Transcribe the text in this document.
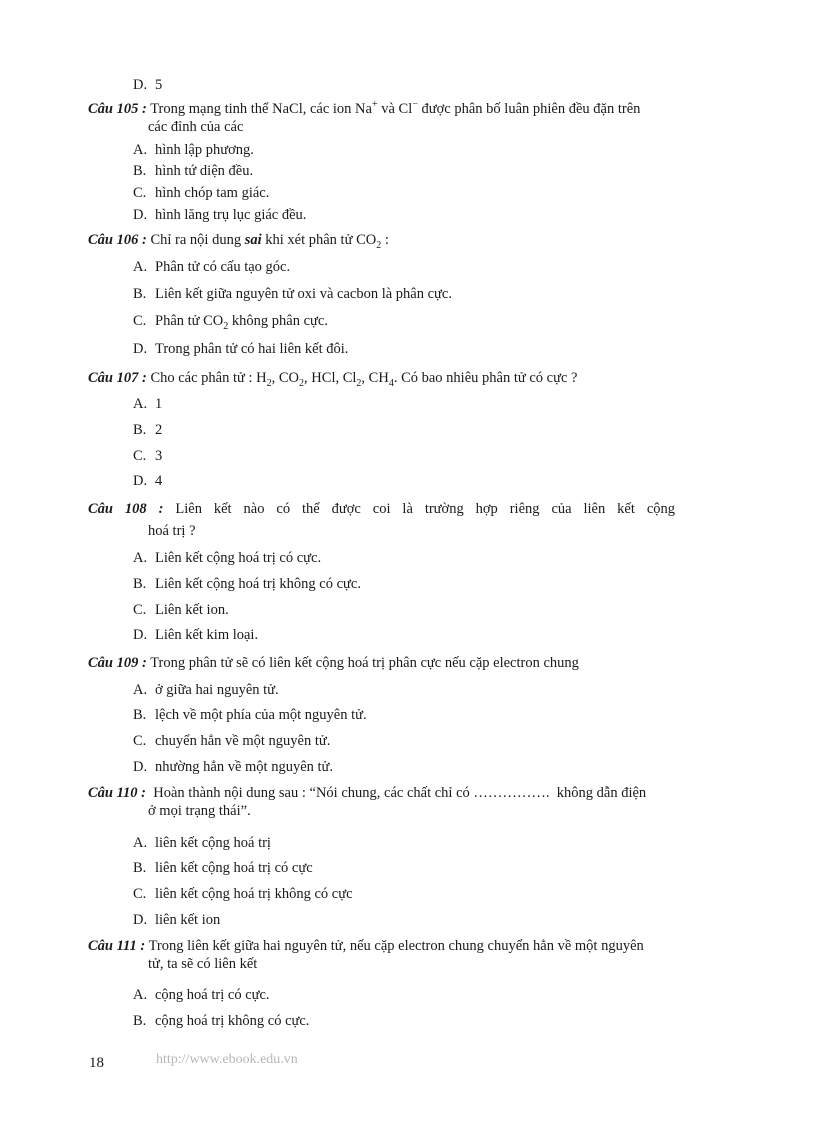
D. 5
Câu 105 : Trong mạng tinh thể NaCl, các ion Na+ và Cl− được phân bố luân phiên đều đặn trên
các đỉnh của các
A. hình lập phương.
B. hình tứ diện đều.
C. hình chóp tam giác.
D. hình lăng trụ lục giác đều.
Câu 106 : Chỉ ra nội dung sai khi xét phân tử $CO_2$ :
A. Phân tử có cấu tạo góc.
B. Liên kết giữa nguyên tử oxi và cacbon là phân cực.
C. Phân tử $CO_2$ không phân cực.
D. Trong phân tử có hai liên kết đôi.
Câu 107 : Cho các phân tử : $H_2$, $CO_2$, HCl, $Cl_2$, $CH_4$. Có bao nhiêu phân tử có cực ?
A. 1
B. 2
C. 3
D. 4
Câu 108 : Liên kết nào có thể được coi là trường hợp riêng của liên kết cộng
hoá trị ?
A. Liên kết cộng hoá trị có cực.
B. Liên kết cộng hoá trị không có cực.
C. Liên kết ion.
D. Liên kết kim loại.
Câu 109 : Trong phân tử sẽ có liên kết cộng hoá trị phân cực nếu cặp electron chung
A. ở giữa hai nguyên tử.
B. lệch về một phía của một nguyên tử.
C. chuyển hẳn về một nguyên tử.
D. nhường hẳn về một nguyên tử.
Câu 110 :  Hoàn thành nội dung sau : “Nói chung, các chất chỉ có …………….  không dẫn điện
ở mọi trạng thái”.
A. liên kết cộng hoá trị
B. liên kết cộng hoá trị có cực
C. liên kết cộng hoá trị không có cực
D. liên kết ion
Câu 111 : Trong liên kết giữa hai nguyên tử, nếu cặp electron chung chuyển hẳn về một nguyên
tử, ta sẽ có liên kết
A. cộng hoá trị có cực.
B. cộng hoá trị không có cực.
18	http://www.ebook.edu.vn
